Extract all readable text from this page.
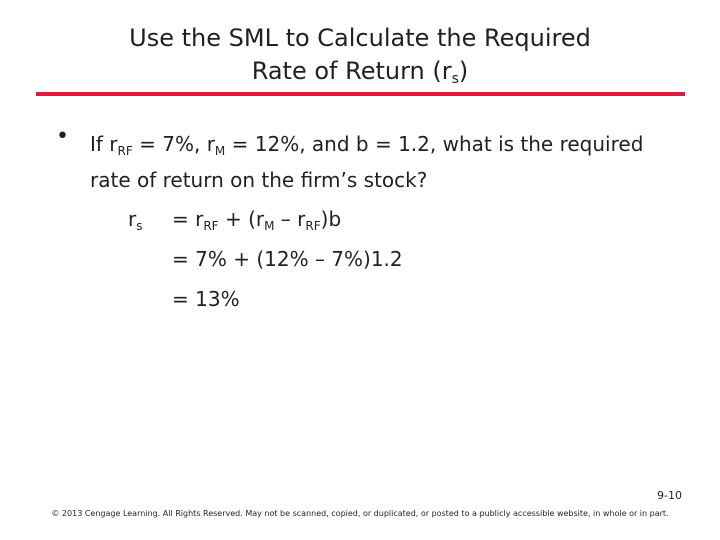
Use the SML to Calculate the Required
Rate of Return $(r_s)$
• If $r_{RF} = 7\%$, $r_M = 12\%$, and b = 1.2, what is the required rate of return on the firm’s stock?
$r_s = r_{RF} + (r_M - r_{RF})b$
= 7% + (12% – 7%)1.2
= 13%
9-10
© 2013 Cengage Learning. All Rights Reserved. May not be scanned, copied, or duplicated, or posted to a publicly accessible website, in whole or in part.
